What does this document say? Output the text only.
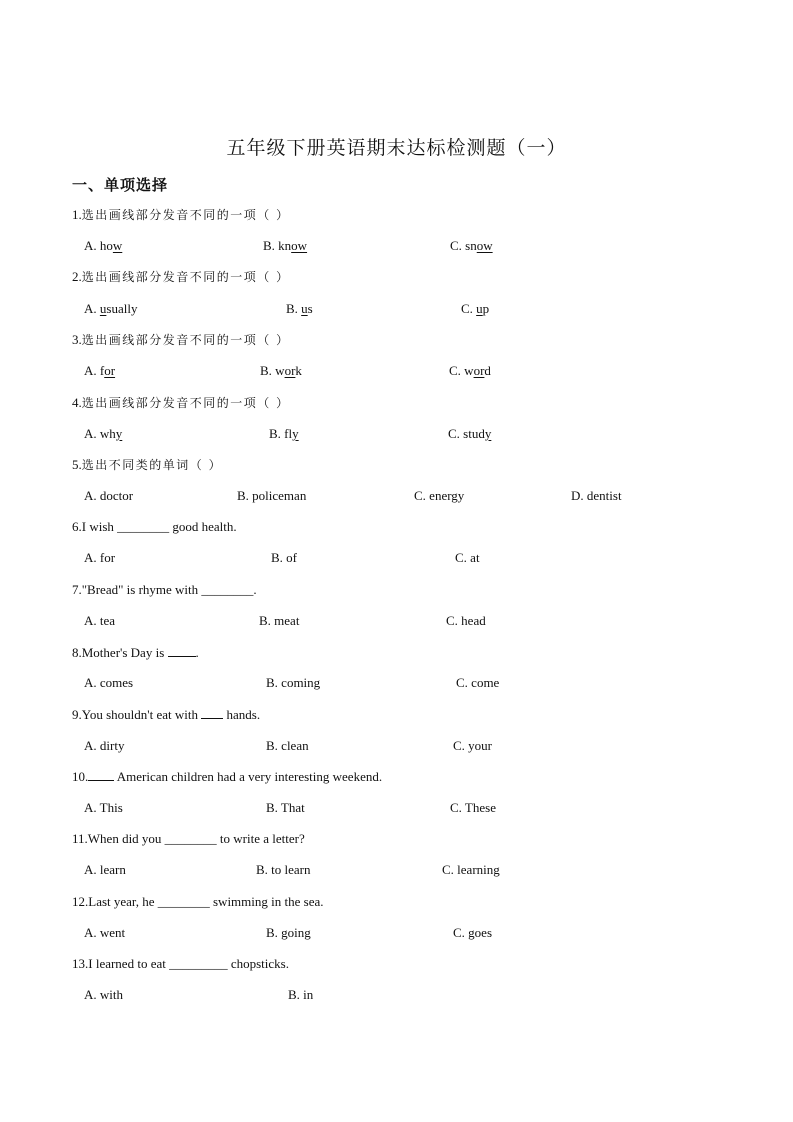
五年级下册英语期末达标检测题（一）
一、单项选择
1.选出画线部分发音不同的一项（ ）
A. how	B. know	C. snow
2.选出画线部分发音不同的一项（ ）
A. usually	B. us	C. up
3.选出画线部分发音不同的一项（ ）
A. for	B. work	C. word
4.选出画线部分发音不同的一项（ ）
A. why	B. fly	C. study
5.选出不同类的单词（ ）
A. doctor	B. policeman	C. energy	D. dentist
6.I wish ________ good health.
A. for	B. of	C. at
7."Bread" is rhyme with ________.
A. tea	B. meat	C. head
8.Mother's Day is .
A. comes	B. coming	C. come
9.You shouldn't eat with  hands.
A. dirty	B. clean	C. your
10. American children had a very interesting weekend.
A. This	B. That	C. These
11.When did you ________ to write a letter?
A. learn	B. to learn	C. learning
12.Last year, he ________ swimming in the sea.
A. went	B. going	C. goes
13.I learned to eat _________ chopsticks.
A. with	B. in
